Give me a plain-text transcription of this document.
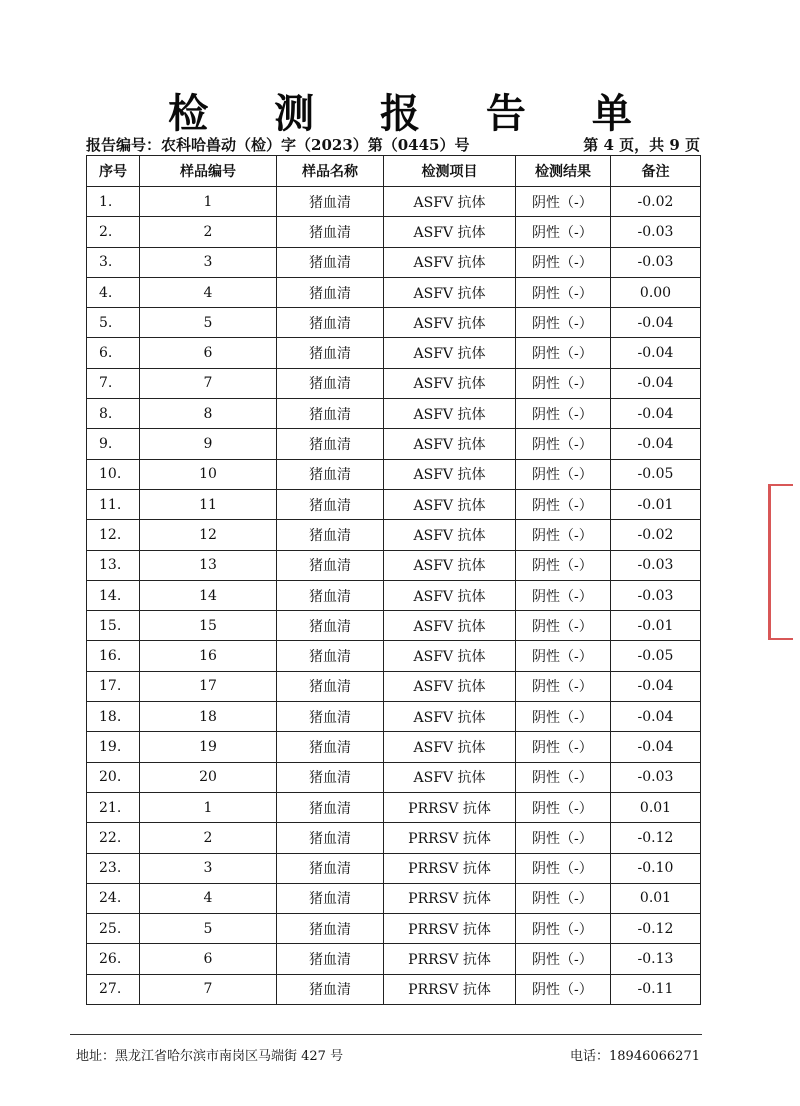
检 测 报 告 单
报告编号：农科哈兽动（检）字（2023）第（0445）号	第 4 页，共 9 页
序号	样品编号	样品名称	检测项目	检测结果	备注
1.	1	猪血清	ASFV 抗体	阴性（-）	-0.02
2.	2	猪血清	ASFV 抗体	阴性（-）	-0.03
3.	3	猪血清	ASFV 抗体	阴性（-）	-0.03
4.	4	猪血清	ASFV 抗体	阴性（-）	0.00
5.	5	猪血清	ASFV 抗体	阴性（-）	-0.04
6.	6	猪血清	ASFV 抗体	阴性（-）	-0.04
7.	7	猪血清	ASFV 抗体	阴性（-）	-0.04
8.	8	猪血清	ASFV 抗体	阴性（-）	-0.04
9.	9	猪血清	ASFV 抗体	阴性（-）	-0.04
10.	10	猪血清	ASFV 抗体	阴性（-）	-0.05
11.	11	猪血清	ASFV 抗体	阴性（-）	-0.01
12.	12	猪血清	ASFV 抗体	阴性（-）	-0.02
13.	13	猪血清	ASFV 抗体	阴性（-）	-0.03
14.	14	猪血清	ASFV 抗体	阴性（-）	-0.03
15.	15	猪血清	ASFV 抗体	阴性（-）	-0.01
16.	16	猪血清	ASFV 抗体	阴性（-）	-0.05
17.	17	猪血清	ASFV 抗体	阴性（-）	-0.04
18.	18	猪血清	ASFV 抗体	阴性（-）	-0.04
19.	19	猪血清	ASFV 抗体	阴性（-）	-0.04
20.	20	猪血清	ASFV 抗体	阴性（-）	-0.03
21.	1	猪血清	PRRSV 抗体	阴性（-）	0.01
22.	2	猪血清	PRRSV 抗体	阴性（-）	-0.12
23.	3	猪血清	PRRSV 抗体	阴性（-）	-0.10
24.	4	猪血清	PRRSV 抗体	阴性（-）	0.01
25.	5	猪血清	PRRSV 抗体	阴性（-）	-0.12
26.	6	猪血清	PRRSV 抗体	阴性（-）	-0.13
27.	7	猪血清	PRRSV 抗体	阴性（-）	-0.11
地址：黑龙江省哈尔滨市南岗区马端街 427 号	电话：18946066271
